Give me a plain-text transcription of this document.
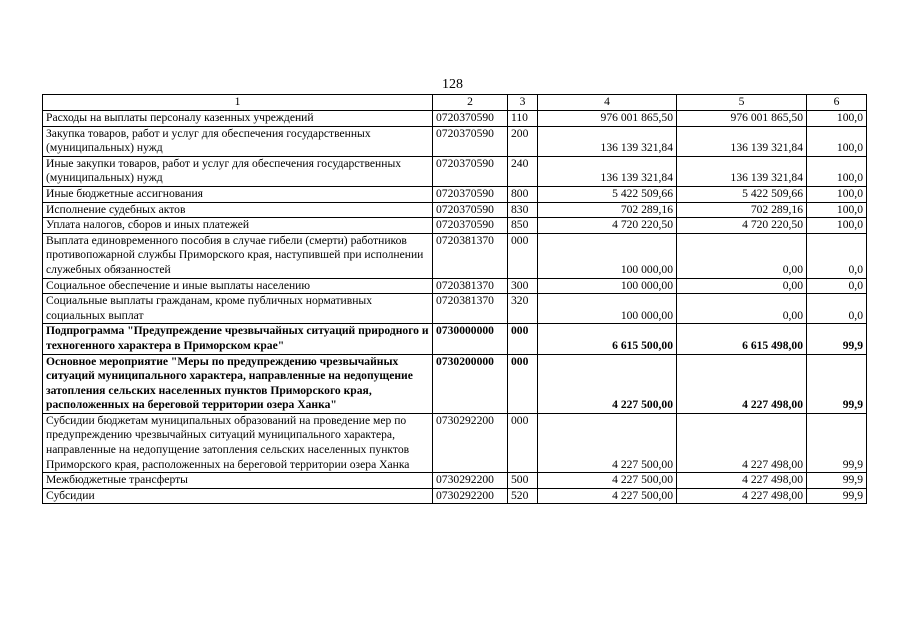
128
1	2	3	4	5	6
Расходы на выплаты персоналу казенных учреждений	0720370590	110	976 001 865,50	976 001 865,50	100,0
Закупка товаров, работ и услуг для обеспечения государственных (муниципальных) нужд	0720370590	200	136 139 321,84	136 139 321,84	100,0
Иные закупки товаров, работ и услуг для обеспечения государственных (муниципальных) нужд	0720370590	240	136 139 321,84	136 139 321,84	100,0
Иные бюджетные ассигнования	0720370590	800	5 422 509,66	5 422 509,66	100,0
Исполнение судебных актов	0720370590	830	702 289,16	702 289,16	100,0
Уплата налогов, сборов и иных платежей	0720370590	850	4 720 220,50	4 720 220,50	100,0
Выплата единовременного пособия в случае гибели (смерти) работников противопожарной службы Приморского края, наступившей при исполнении служебных обязанностей	0720381370	000	100 000,00	0,00	0,0
Социальное обеспечение и иные выплаты населению	0720381370	300	100 000,00	0,00	0,0
Социальные выплаты гражданам, кроме публичных нормативных социальных выплат	0720381370	320	100 000,00	0,00	0,0
Подпрограмма "Предупреждение чрезвычайных ситуаций природного и техногенного характера в Приморском крае"	0730000000	000	6 615 500,00	6 615 498,00	99,9
Основное мероприятие "Меры по предупреждению чрезвычайных ситуаций муниципального характера, направленные на недопущение затопления сельских населенных пунктов Приморского края, расположенных на береговой территории озера Ханка"	0730200000	000	4 227 500,00	4 227 498,00	99,9
Субсидии бюджетам муниципальных образований на проведение мер по предупреждению чрезвычайных ситуаций муниципального характера, направленные на недопущение затопления сельских населенных пунктов Приморского края, расположенных на береговой территории озера Ханка	0730292200	000	4 227 500,00	4 227 498,00	99,9
Межбюджетные трансферты	0730292200	500	4 227 500,00	4 227 498,00	99,9
Субсидии	0730292200	520	4 227 500,00	4 227 498,00	99,9
